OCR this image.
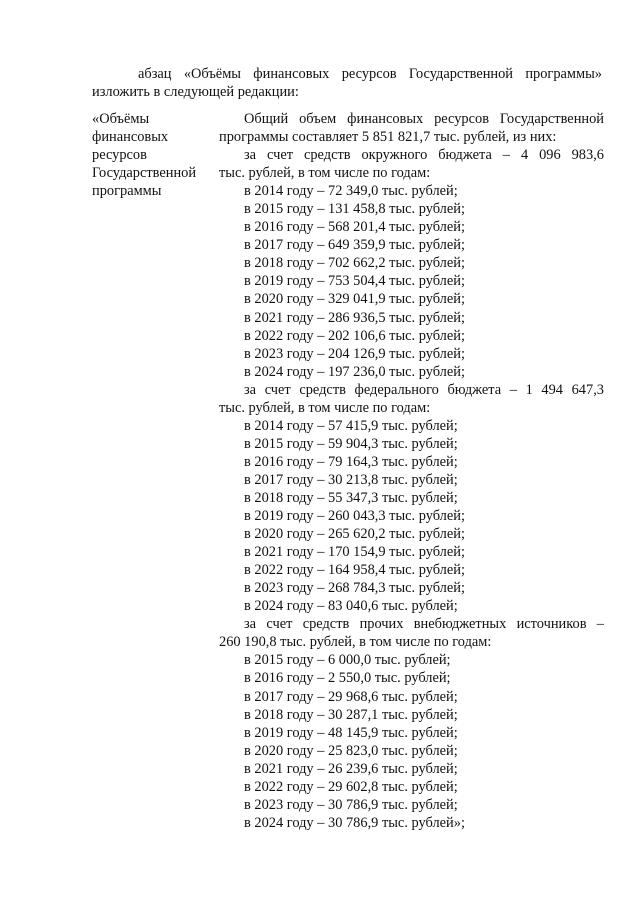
абзац «Объёмы финансовых ресурсов Государственной программы»

изложить в следующей редакции:

«Объёмы
финансовых
ресурсов
Государственной
программы
Общий объем финансовых ресурсов Государственной
программы составляет 5 851 821,7 тыс. рублей, из них:
за счет средств окружного бюджета – 4 096 983,6
тыс. рублей, в том числе по годам:
в 2014 году – 72 349,0 тыс. рублей;
в 2015 году – 131 458,8 тыс. рублей;
в 2016 году – 568 201,4 тыс. рублей;
в 2017 году – 649 359,9 тыс. рублей;
в 2018 году – 702 662,2 тыс. рублей;
в 2019 году – 753 504,4 тыс. рублей;
в 2020 году – 329 041,9 тыс. рублей;
в 2021 году – 286 936,5 тыс. рублей;
в 2022 году – 202 106,6 тыс. рублей;
в 2023 году – 204 126,9 тыс. рублей;
в 2024 году – 197 236,0 тыс. рублей;
за счет средств федерального бюджета – 1 494 647,3
тыс. рублей, в том числе по годам:
в 2014 году – 57 415,9 тыс. рублей;
в 2015 году – 59 904,3 тыс. рублей;
в 2016 году – 79 164,3 тыс. рублей;
в 2017 году – 30 213,8 тыс. рублей;
в 2018 году – 55 347,3 тыс. рублей;
в 2019 году – 260 043,3 тыс. рублей;
в 2020 году – 265 620,2 тыс. рублей;
в 2021 году – 170 154,9 тыс. рублей;
в 2022 году – 164 958,4 тыс. рублей;
в 2023 году – 268 784,3 тыс. рублей;
в 2024 году – 83 040,6 тыс. рублей;
за счет средств прочих внебюджетных источников –
260 190,8 тыс. рублей, в том числе по годам:
в 2015 году – 6 000,0 тыс. рублей;
в 2016 году – 2 550,0 тыс. рублей;
в 2017 году – 29 968,6 тыс. рублей;
в 2018 году – 30 287,1 тыс. рублей;
в 2019 году – 48 145,9 тыс. рублей;
в 2020 году – 25 823,0 тыс. рублей;
в 2021 году – 26 239,6 тыс. рублей;
в 2022 году – 29 602,8 тыс. рублей;
в 2023 году – 30 786,9 тыс. рублей;
в 2024 году – 30 786,9 тыс. рублей»;
